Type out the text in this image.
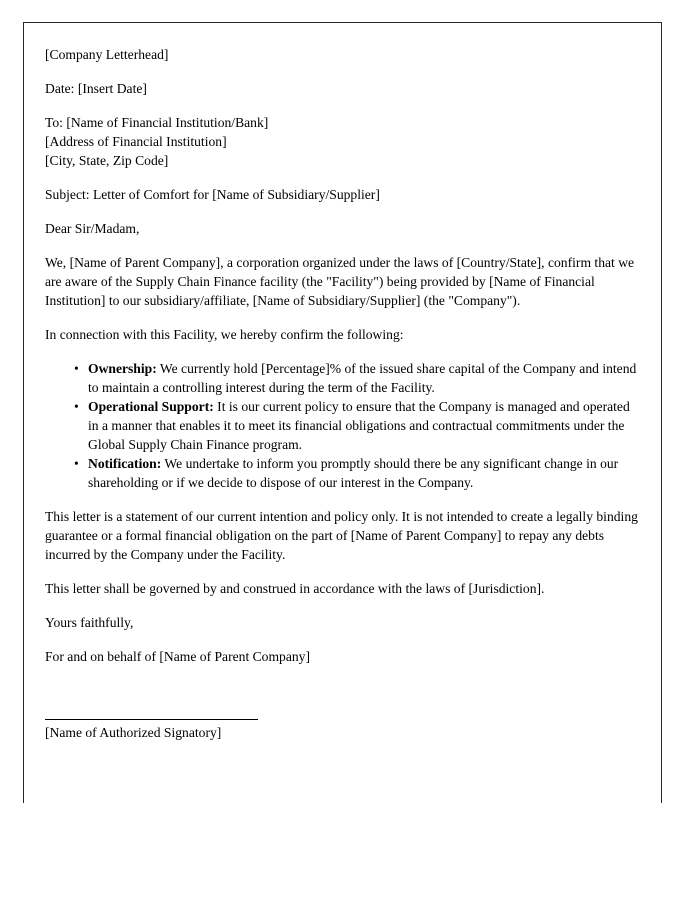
[Company Letterhead]

Date: [Insert Date]

To: [Name of Financial Institution/Bank]
[Address of Financial Institution]
[City, State, Zip Code]

Subject: Letter of Comfort for [Name of Subsidiary/Supplier]

Dear Sir/Madam,

We, [Name of Parent Company], a corporation organized under the laws of [Country/State], confirm that we are aware of the Supply Chain Finance facility (the "Facility") being provided by [Name of Financial Institution] to our subsidiary/affiliate, [Name of Subsidiary/Supplier] (the "Company").

In connection with this Facility, we hereby confirm the following:

• Ownership: We currently hold [Percentage]% of the issued share capital of the Company and intend to maintain a controlling interest during the term of the Facility.
• Operational Support: It is our current policy to ensure that the Company is managed and operated in a manner that enables it to meet its financial obligations and contractual commitments under the Global Supply Chain Finance program.
• Notification: We undertake to inform you promptly should there be any significant change in our shareholding or if we decide to dispose of our interest in the Company.

This letter is a statement of our current intention and policy only. It is not intended to create a legally binding guarantee or a formal financial obligation on the part of [Name of Parent Company] to repay any debts incurred by the Company under the Facility.

This letter shall be governed by and construed in accordance with the laws of [Jurisdiction].

Yours faithfully,

For and on behalf of [Name of Parent Company]

[Name of Authorized Signatory]
